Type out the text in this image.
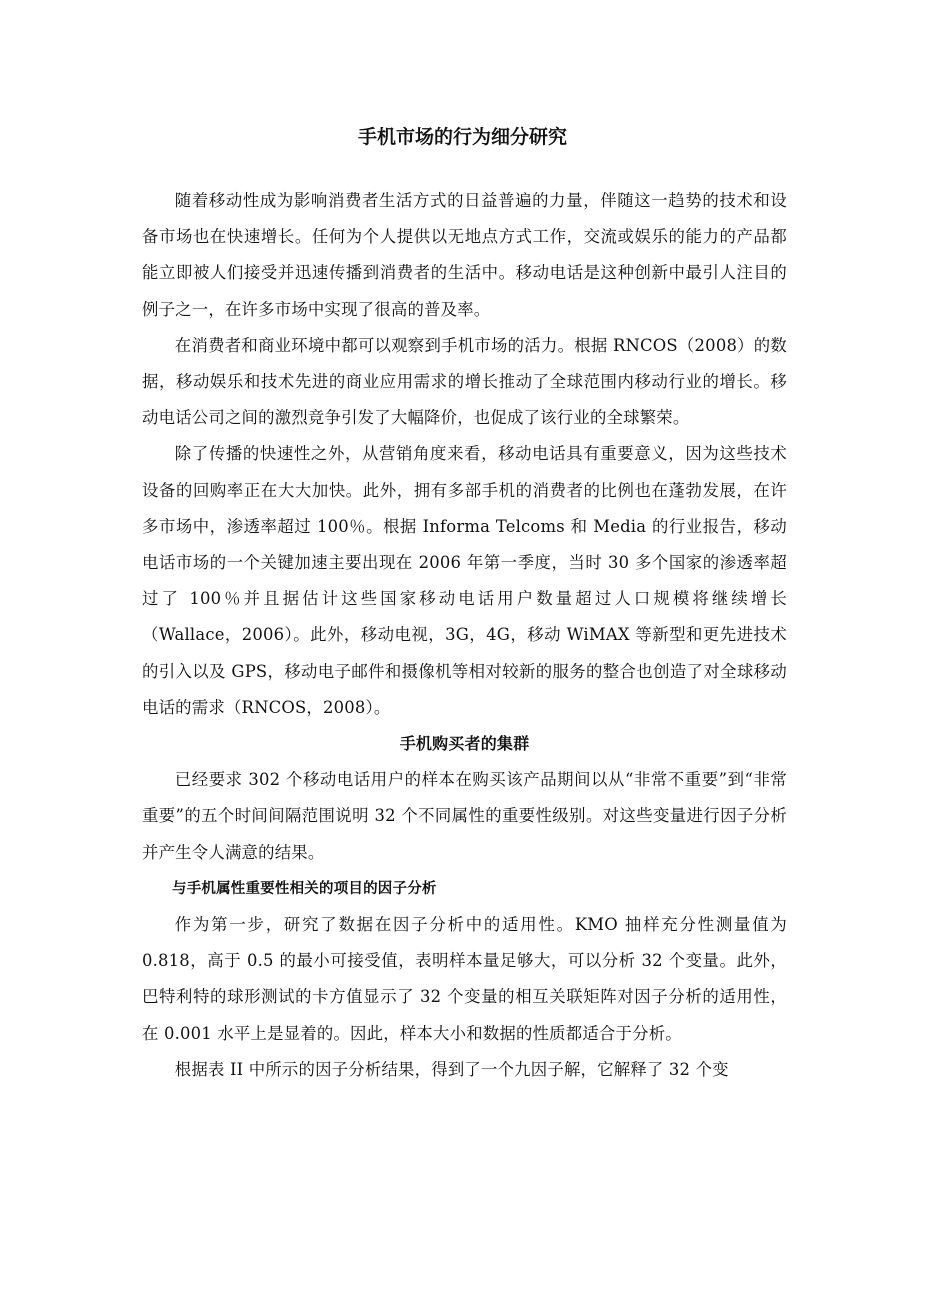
手机市场的行为细分研究

随着移动性成为影响消费者生活方式的日益普遍的力量，伴随这一趋势的技术和设备市场也在快速增长。任何为个人提供以无地点方式工作，交流或娱乐的能力的产品都能立即被人们接受并迅速传播到消费者的生活中。移动电话是这种创新中最引人注目的例子之一，在许多市场中实现了很高的普及率。

在消费者和商业环境中都可以观察到手机市场的活力。根据 RNCOS（2008）的数据，移动娱乐和技术先进的商业应用需求的增长推动了全球范围内移动行业的增长。移动电话公司之间的激烈竞争引发了大幅降价，也促成了该行业的全球繁荣。

除了传播的快速性之外，从营销角度来看，移动电话具有重要意义，因为这些技术设备的回购率正在大大加快。此外，拥有多部手机的消费者的比例也在蓬勃发展，在许多市场中，渗透率超过 100％。根据 Informa Telcoms 和 Media 的行业报告，移动电话市场的一个关键加速主要出现在 2006 年第一季度，当时 30 多个国家的渗透率超过了 100％并且据估计这些国家移动电话用户数量超过人口规模将继续增长（Wallace，2006）。此外，移动电视，3G，4G，移动 WiMAX 等新型和更先进技术的引入以及 GPS，移动电子邮件和摄像机等相对较新的服务的整合也创造了对全球移动电话的需求（RNCOS，2008）。

手机购买者的集群

已经要求 302 个移动电话用户的样本在购买该产品期间以从“非常不重要”到“非常重要”的五个时间间隔范围说明 32 个不同属性的重要性级别。对这些变量进行因子分析并产生令人满意的结果。

与手机属性重要性相关的项目的因子分析

作为第一步，研究了数据在因子分析中的适用性。KMO 抽样充分性测量值为 0.818，高于 0.5 的最小可接受值，表明样本量足够大，可以分析 32 个变量。此外，巴特利特的球形测试的卡方值显示了 32 个变量的相互关联矩阵对因子分析的适用性，在 0.001 水平上是显着的。因此，样本大小和数据的性质都适合于分析。

根据表 II 中所示的因子分析结果，得到了一个九因子解，它解释了 32 个变
